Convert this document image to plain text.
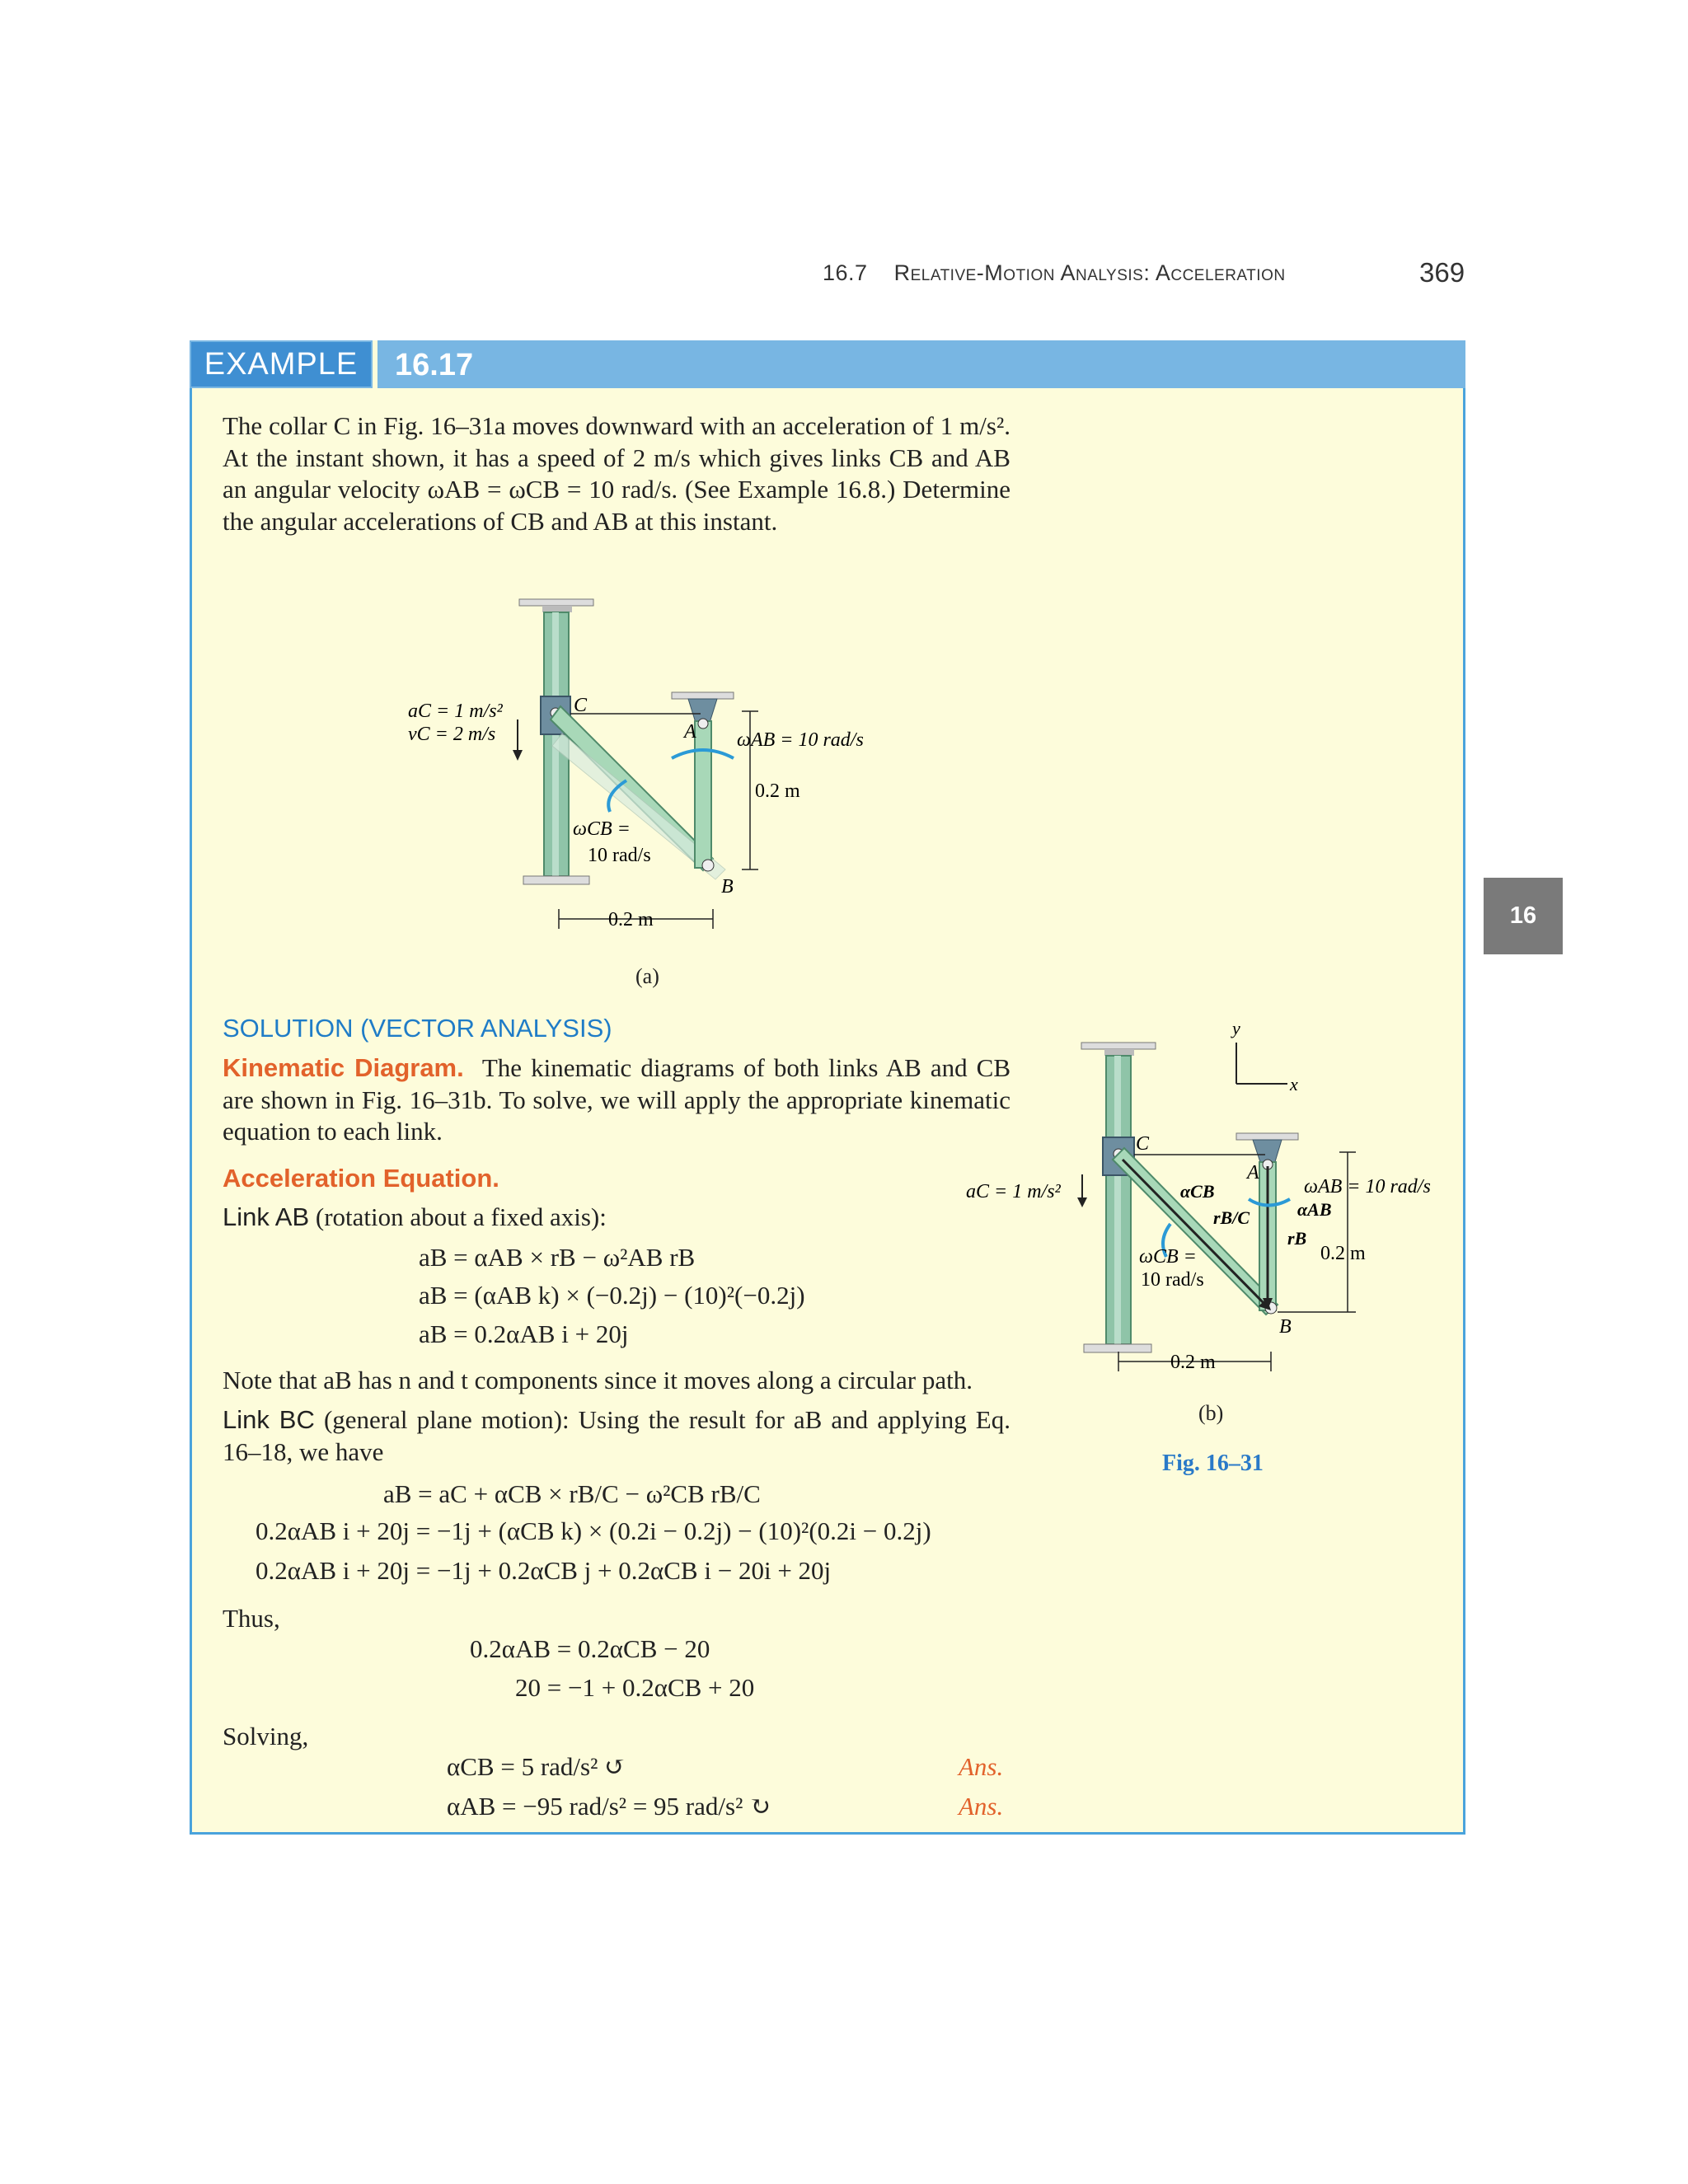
16.7 Relative-Motion Analysis: Acceleration	369
16
EXAMPLE	16.17
The collar C in Fig. 16–31a moves downward with an acceleration of 1 m/s². At the instant shown, it has a speed of 2 m/s which gives links CB and AB an angular velocity ωAB = ωCB = 10 rad/s. (See Example 16.8.) Determine the angular accelerations of CB and AB at this instant.
aC = 1 m/s²
vC = 2 m/s
C
A
B
ωAB = 10 rad/s
0.2 m
ωCB =
10 rad/s
0.2 m
(a)
y
x
C
A
B
aC = 1 m/s²	αCB
rB/C
ωAB = 10 rad/s
αAB
rB
0.2 m
ωCB =
10 rad/s
0.2 m
(b)
Fig. 16–31
SOLUTION (VECTOR ANALYSIS)
Kinematic Diagram. The kinematic diagrams of both links AB and CB are shown in Fig. 16–31b. To solve, we will apply the appropriate kinematic equation to each link.
Acceleration Equation.
Link AB (rotation about a fixed axis):
aB = αAB × rB − ω²AB rB
aB = (αAB k) × (−0.2j) − (10)²(−0.2j)
aB = 0.2αAB i + 20j
Note that aB has n and t components since it moves along a circular path.
Link BC (general plane motion): Using the result for aB and applying Eq. 16–18, we have
aB = aC + αCB × rB/C − ω²CB rB/C
0.2αAB i + 20j = −1j + (αCB k) × (0.2i − 0.2j) − (10)²(0.2i − 0.2j)
0.2αAB i + 20j = −1j + 0.2αCB j + 0.2αCB i − 20i + 20j
Thus,
0.2αAB = 0.2αCB − 20
20 = −1 + 0.2αCB + 20
Solving,
αCB = 5 rad/s² ↺
αAB = −95 rad/s² = 95 rad/s² ↻
Ans.
Ans.
